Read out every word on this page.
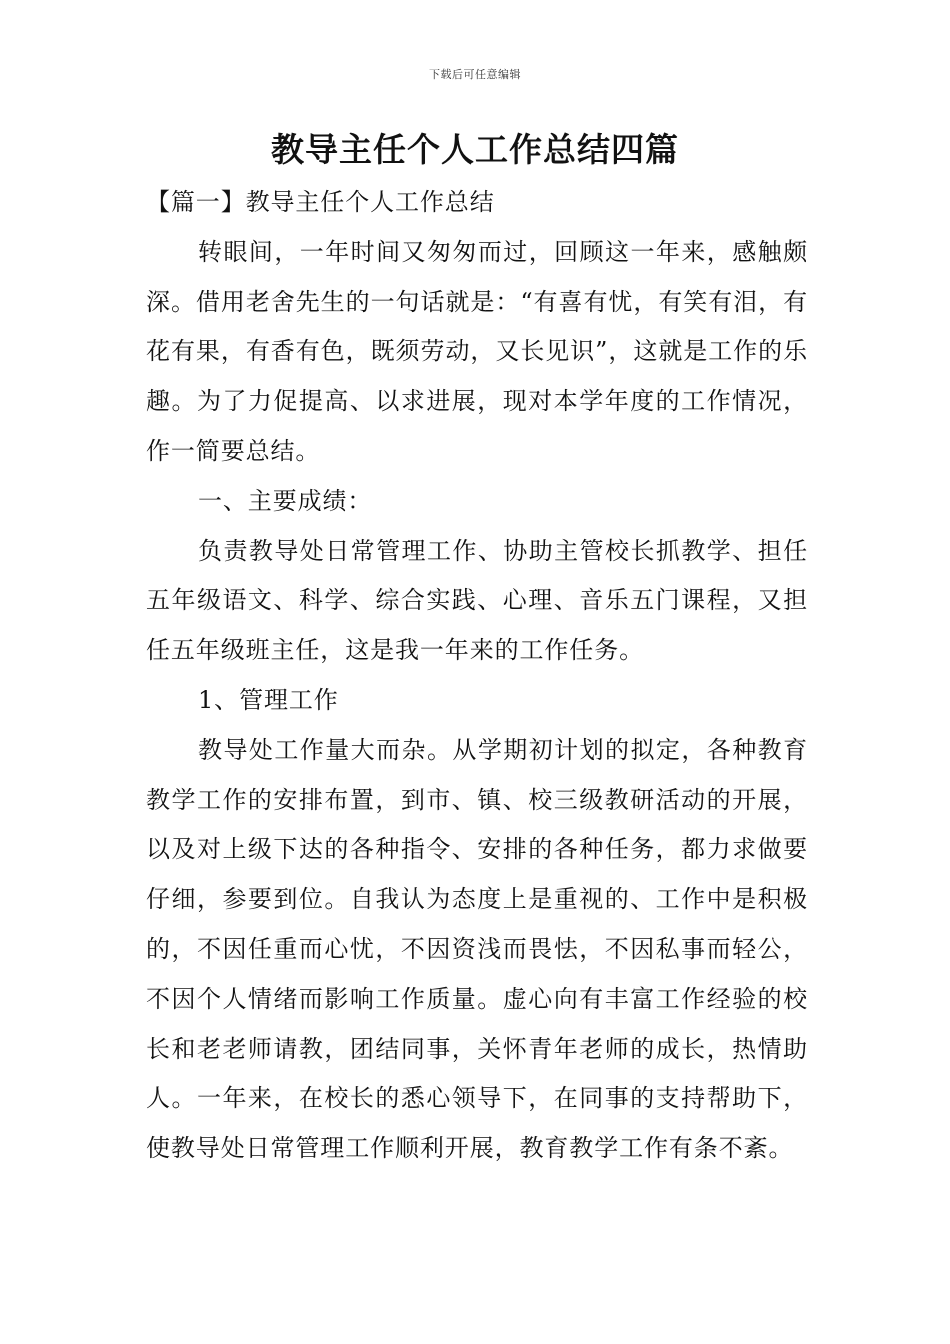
下载后可任意编辑
教导主任个人工作总结四篇

【篇一】教导主任个人工作总结

转眼间，一年时间又匆匆而过，回顾这一年来，感触颇深。借用老舍先生的一句话就是：“有喜有忧，有笑有泪，有花有果，有香有色，既须劳动，又长见识”，这就是工作的乐趣。为了力促提高、以求进展，现对本学年度的工作情况，作一简要总结。

一、主要成绩：

负责教导处日常管理工作、协助主管校长抓教学、担任五年级语文、科学、综合实践、心理、音乐五门课程，又担任五年级班主任，这是我一年来的工作任务。

1、管理工作

教导处工作量大而杂。从学期初计划的拟定，各种教育教学工作的安排布置，到市、镇、校三级教研活动的开展，以及对上级下达的各种指令、安排的各种任务，都力求做要仔细，参要到位。自我认为态度上是重视的、工作中是积极的，不因任重而心忧，不因资浅而畏怯，不因私事而轻公，不因个人情绪而影响工作质量。虚心向有丰富工作经验的校长和老老师请教，团结同事，关怀青年老师的成长，热情助人。一年来，在校长的悉心领导下，在同事的支持帮助下，使教导处日常管理工作顺利开展，教育教学工作有条不紊。
